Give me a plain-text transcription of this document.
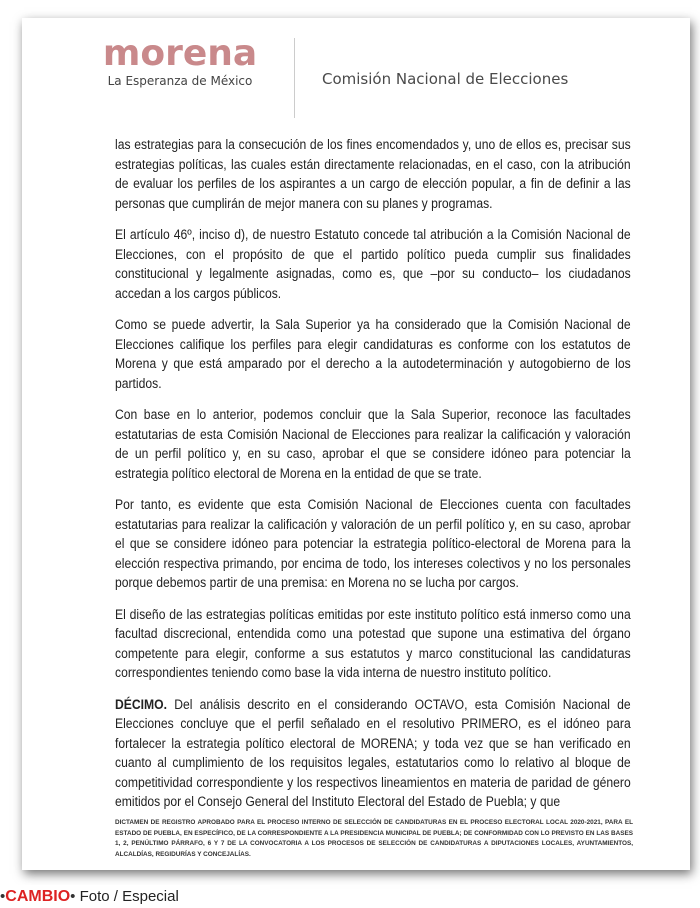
morena
La Esperanza de México	Comisión Nacional de Elecciones

las estrategias para la consecución de los fines encomendados y, uno de ellos es, precisar sus estrategias políticas, las cuales están directamente relacionadas, en el caso, con la atribución de evaluar los perfiles de los aspirantes a un cargo de elección popular, a fin de definir a las personas que cumplirán de mejor manera con su planes y programas.

El artículo 46º, inciso d), de nuestro Estatuto concede tal atribución a la Comisión Nacional de Elecciones, con el propósito de que el partido político pueda cumplir sus finalidades constitucional y legalmente asignadas, como es, que –por su conducto– los ciudadanos accedan a los cargos públicos.

Como se puede advertir, la Sala Superior ya ha considerado que la Comisión Nacional de Elecciones califique los perfiles para elegir candidaturas es conforme con los estatutos de Morena y que está amparado por el derecho a la autodeterminación y autogobierno de los partidos.

Con base en lo anterior, podemos concluir que la Sala Superior, reconoce las facultades estatutarias de esta Comisión Nacional de Elecciones para realizar la calificación y valoración de un perfil político y, en su caso, aprobar el que se considere idóneo para potenciar la estrategia político electoral de Morena en la entidad de que se trate.

Por tanto, es evidente que esta Comisión Nacional de Elecciones cuenta con facultades estatutarias para realizar la calificación y valoración de un perfil político y, en su caso, aprobar el que se considere idóneo para potenciar la estrategia político-electoral de Morena para la elección respectiva primando, por encima de todo, los intereses colectivos y no los personales porque debemos partir de una premisa: en Morena no se lucha por cargos.

El diseño de las estrategias políticas emitidas por este instituto político está inmerso como una facultad discrecional, entendida como una potestad que supone una estimativa del órgano competente para elegir, conforme a sus estatutos y marco constitucional las candidaturas correspondientes teniendo como base la vida interna de nuestro instituto político.

DÉCIMO. Del análisis descrito en el considerando OCTAVO, esta Comisión Nacional de Elecciones concluye que el perfil señalado en el resolutivo PRIMERO, es el idóneo para fortalecer la estrategia político electoral de MORENA; y toda vez que se han verificado en cuanto al cumplimiento de los requisitos legales, estatutarios como lo relativo al bloque de competitividad correspondiente y los respectivos lineamientos en materia de paridad de género emitidos por el Consejo General del Instituto Electoral del Estado de Puebla; y que

DICTAMEN DE REGISTRO APROBADO PARA EL PROCESO INTERNO DE SELECCIÓN DE CANDIDATURAS EN EL PROCESO ELECTORAL LOCAL 2020-2021, PARA EL ESTADO DE PUEBLA, EN ESPECÍFICO, DE LA CORRESPONDIENTE A LA PRESIDENCIA MUNICIPAL DE PUEBLA; DE CONFORMIDAD CON LO PREVISTO EN LAS BASES 1, 2, PENÚLTIMO PÁRRAFO, 6 Y 7 DE LA CONVOCATORIA A LOS PROCESOS DE SELECCIÓN DE CANDIDATURAS A DIPUTACIONES LOCALES, AYUNTAMIENTOS, ALCALDÍAS, REGIDURÍAS Y CONCEJALÍAS.
•CAMBIO• Foto / Especial
